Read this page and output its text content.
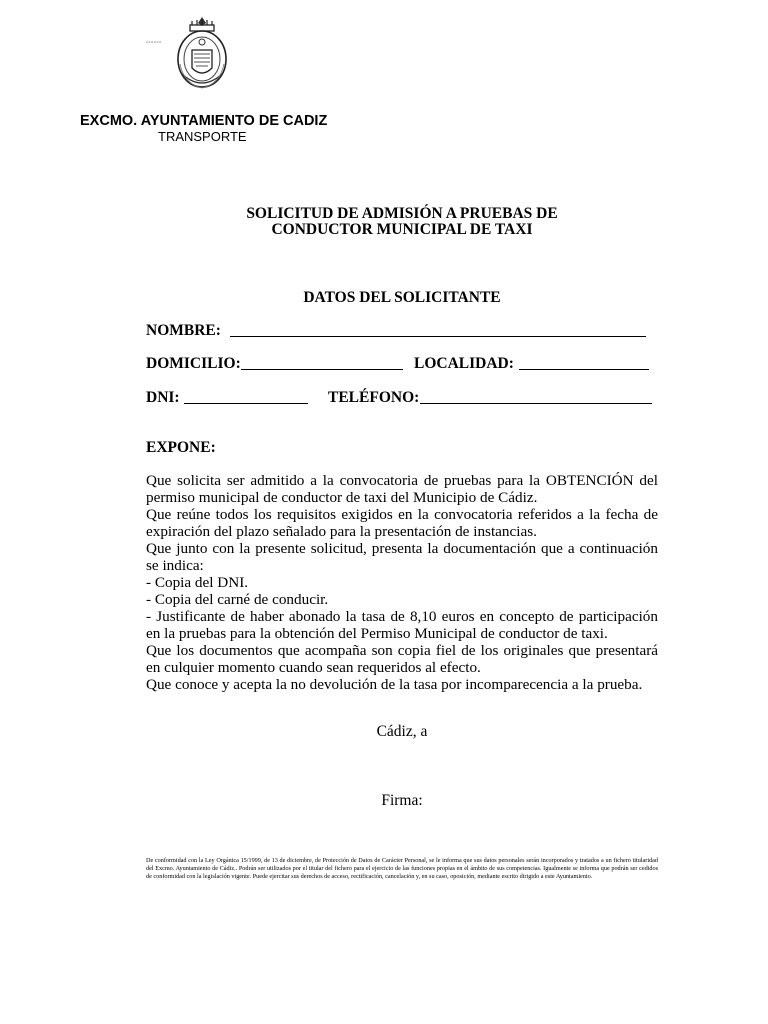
▫▫▫▫▫▫
EXCMO. AYUNTAMIENTO DE CADIZ
TRANSPORTE
SOLICITUD DE ADMISIÓN A PRUEBAS DE
CONDUCTOR MUNICIPAL DE TAXI
DATOS DEL SOLICITANTE
NOMBRE:
DOMICILIO:	LOCALIDAD:
DNI:	TELÉFONO:
EXPONE:

Que solicita ser admitido a la convocatoria de pruebas para la OBTENCIÓN del permiso municipal de conductor de taxi del Municipio de Cádiz.

Que reúne todos los requisitos exigidos en la convocatoria referidos a la fecha de expiración del plazo señalado para la presentación de instancias.

Que junto con la presente solicitud, presenta la documentación que a continuación se indica:

- Copia del DNI.

- Copia del carné de conducir.

- Justificante de haber abonado la tasa de 8,10 euros en concepto de participación en la pruebas para la obtención del Permiso Municipal de conductor de taxi.

Que los documentos que acompaña son copia fiel de los originales que presentará en culquier momento cuando sean requeridos al efecto.

Que conoce y acepta la no devolución de la tasa por incomparecencia a la prueba.

Cádiz, a
Firma:
De conformidad con la Ley Orgánica 15/1999, de 13 de diciembre, de Protección de Datos de Carácter Personal, se le informa que sus datos personales serán incorporados y tratados a un fichero titularidad del Excmo. Ayuntamiento de Cádiz.. Podrán ser utilizados por el titular del fichero para el ejercicio de las funciones propias en el ámbito de sus competencias. Igualmente se informa que podrán ser cedidos de conformidad con la legislación vigente. Puede ejercitar sus derechos de acceso, rectificación, cancelación y, en su caso, oposición, mediante escrito dirigido a este Ayuntamiento.
